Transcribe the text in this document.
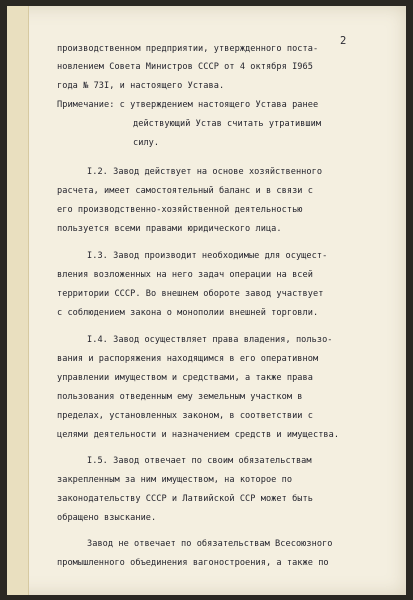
2
производственном предприятии, утвержденного поста-
новлением Совета Министров СССР от 4 октября I965
года № 73I, и настоящего Устава.
Примечание: с утверждением настоящего Устава ранее
действующий Устав считать утратившим
силу.
I.2. Завод действует на основе хозяйственного
расчета, имеет самостоятельный баланс и в связи с
его производственно-хозяйственной деятельностью
пользуется всеми правами юридического лица.
I.3. Завод производит необходимые для осущест-
вления возложенных на него задач операции на всей
территории СССР. Во внешнем обороте завод участвует
с соблюдением закона о монополии внешней торговли.
I.4. Завод осуществляет права владения, пользо-
вания и распоряжения находящимся в его оперативном
управлении имуществом и средствами, а также права
пользования отведенным ему земельным участком в
пределах, установленных законом, в соответствии с
целями деятельности и назначением средств и имущества.
I.5. Завод отвечает по своим обязательствам
закрепленным за ним имуществом, на которое по
законодательству СССР и Латвийской ССР может быть
обращено взыскание.
Завод не отвечает по обязательствам Всесоюзного
промышленного объединения вагоностроения, а также по
